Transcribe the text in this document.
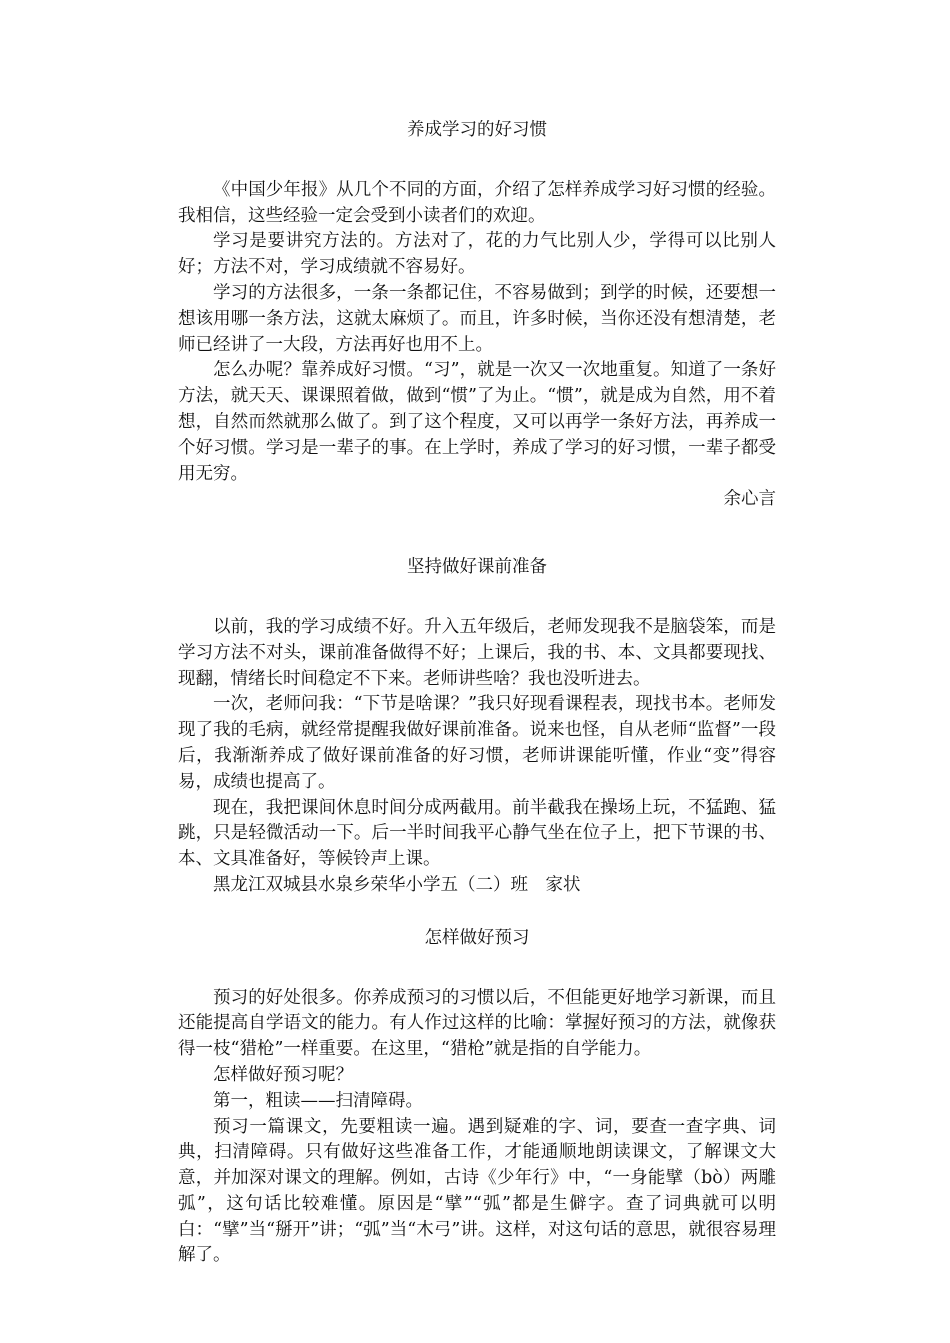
养成学习的好习惯

《中国少年报》从几个不同的方面，介绍了怎样养成学习好习惯的经验。我相信，这些经验一定会受到小读者们的欢迎。

学习是要讲究方法的。方法对了，花的力气比别人少，学得可以比别人好；方法不对，学习成绩就不容易好。

学习的方法很多，一条一条都记住，不容易做到；到学的时候，还要想一想该用哪一条方法，这就太麻烦了。而且，许多时候，当你还没有想清楚，老师已经讲了一大段，方法再好也用不上。

怎么办呢？靠养成好习惯。“习”，就是一次又一次地重复。知道了一条好方法，就天天、课课照着做，做到“惯”了为止。“惯”，就是成为自然，用不着想，自然而然就那么做了。到了这个程度，又可以再学一条好方法，再养成一个好习惯。学习是一辈子的事。在上学时，养成了学习的好习惯，一辈子都受用无穷。

余心言

坚持做好课前准备

以前，我的学习成绩不好。升入五年级后，老师发现我不是脑袋笨，而是学习方法不对头，课前准备做得不好；上课后，我的书、本、文具都要现找、现翻，情绪长时间稳定不下来。老师讲些啥？我也没听进去。

一次，老师问我：“下节是啥课？”我只好现看课程表，现找书本。老师发现了我的毛病，就经常提醒我做好课前准备。说来也怪，自从老师“监督”一段后，我渐渐养成了做好课前准备的好习惯，老师讲课能听懂，作业“变”得容易，成绩也提高了。

现在，我把课间休息时间分成两截用。前半截我在操场上玩，不猛跑、猛跳，只是轻微活动一下。后一半时间我平心静气坐在位子上，把下节课的书、本、文具准备好，等候铃声上课。

黑龙江双城县水泉乡荣华小学五（二）班　家状

怎样做好预习

预习的好处很多。你养成预习的习惯以后，不但能更好地学习新课，而且还能提高自学语文的能力。有人作过这样的比喻：掌握好预习的方法，就像获得一枝“猎枪”一样重要。在这里，“猎枪”就是指的自学能力。

怎样做好预习呢？

第一，粗读——扫清障碍。

预习一篇课文，先要粗读一遍。遇到疑难的字、词，要查一查字典、词典，扫清障碍。只有做好这些准备工作，才能通顺地朗读课文，了解课文大意，并加深对课文的理解。例如，古诗《少年行》中，“一身能擘（bò）两雕弧”，这句话比较难懂。原因是“擘”“弧”都是生僻字。查了词典就可以明白：“擘”当“掰开”讲；“弧”当“木弓”讲。这样，对这句话的意思，就很容易理解了。
